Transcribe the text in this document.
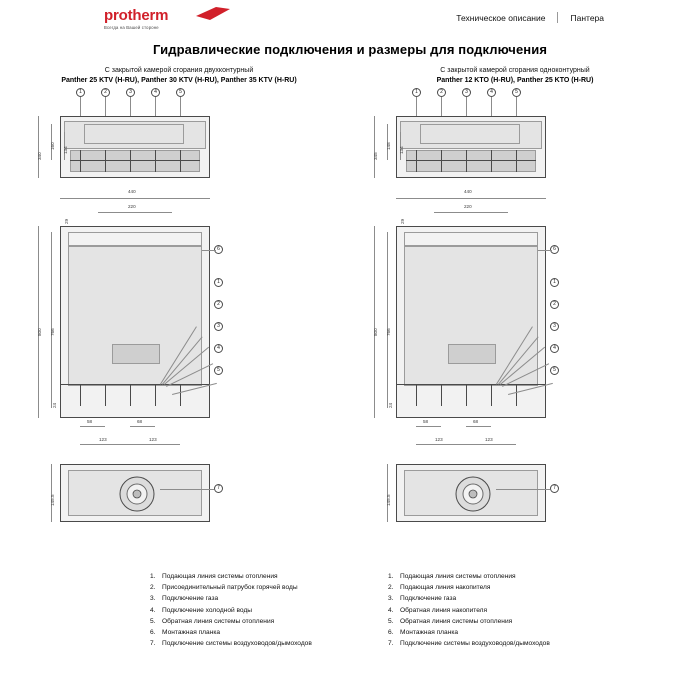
protherm
Всегда на Вашей стороне
Техническое описание	Пантера
Гидравлические подключения и размеры для подключения
С закрытой камерой сгорания двухконтурный
Panther 25 KTV (H-RU), Panther 30 KTV (H-RU), Panther 35 KTV (H-RU)
1	2	3	4	5
340
160
134
440
220
800 766
29
24
6
1
2
3
4
5
58	68
123	123
145.5
7
С закрытой камерой сгорания одноконтурный
Panther 12 KTO (H-RU), Panther 25 KTO (H-RU)
1	2	3	4	5
345
148
134
440
220
800 766
29
24
6
1
2
3
4
5
58	68
123	123
145.5
7
1. Подающая линия системы отопления
2. Присоединительный патрубок горячей воды
3. Подключение газа
4. Подключение холодной воды
5. Обратная линия системы отопления
6. Монтажная планка
7. Подключение системы воздуховодов/дымоходов
1. Подающая линия системы отопления
2. Подающая линия накопителя
3. Подключение газа
4. Обратная линия накопителя
5. Обратная линия системы отопления
6. Монтажная планка
7. Подключение системы воздуховодов/дымоходов
